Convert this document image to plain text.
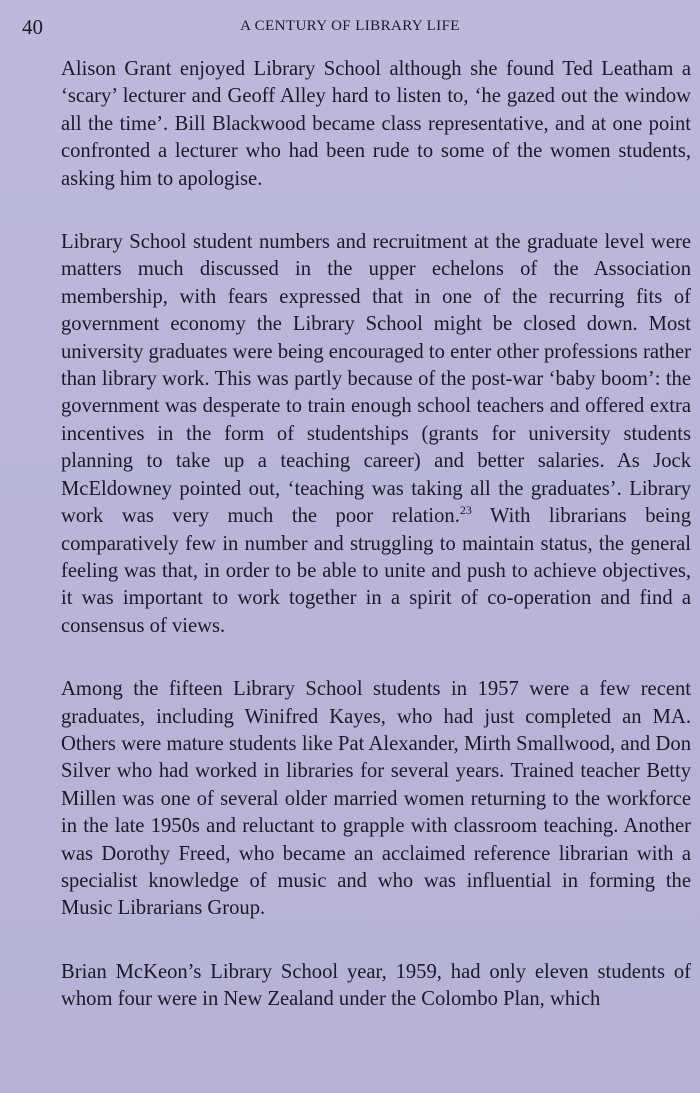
40	A CENTURY OF LIBRARY LIFE

Alison Grant enjoyed Library School although she found Ted Leatham a ‘scary’ lecturer and Geoff Alley hard to listen to, ‘he gazed out the window all the time’. Bill Blackwood became class representative, and at one point confronted a lecturer who had been rude to some of the women students, asking him to apologise.

Library School student numbers and recruitment at the graduate level were matters much discussed in the upper echelons of the Association membership, with fears expressed that in one of the recurring fits of government economy the Library School might be closed down. Most university graduates were being encouraged to enter other professions rather than library work. This was partly because of the post-war ‘baby boom’: the government was desperate to train enough school teachers and offered extra incentives in the form of studentships (grants for university students planning to take up a teaching career) and better salaries. As Jock McEldowney pointed out, ‘teaching was taking all the graduates’. Library work was very much the poor relation.$^{23}$ With librarians being comparatively few in number and struggling to maintain status, the general feeling was that, in order to be able to unite and push to achieve objectives, it was important to work together in a spirit of co-operation and find a consensus of views.

Among the fifteen Library School students in 1957 were a few recent graduates, including Winifred Kayes, who had just completed an MA. Others were mature students like Pat Alexander, Mirth Smallwood, and Don Silver who had worked in libraries for several years. Trained teacher Betty Millen was one of several older married women returning to the workforce in the late 1950s and reluctant to grapple with classroom teaching. Another was Dorothy Freed, who became an acclaimed reference librarian with a specialist knowledge of music and who was influential in forming the Music Librarians Group.

Brian McKeon’s Library School year, 1959, had only eleven students of whom four were in New Zealand under the Colombo Plan, which
